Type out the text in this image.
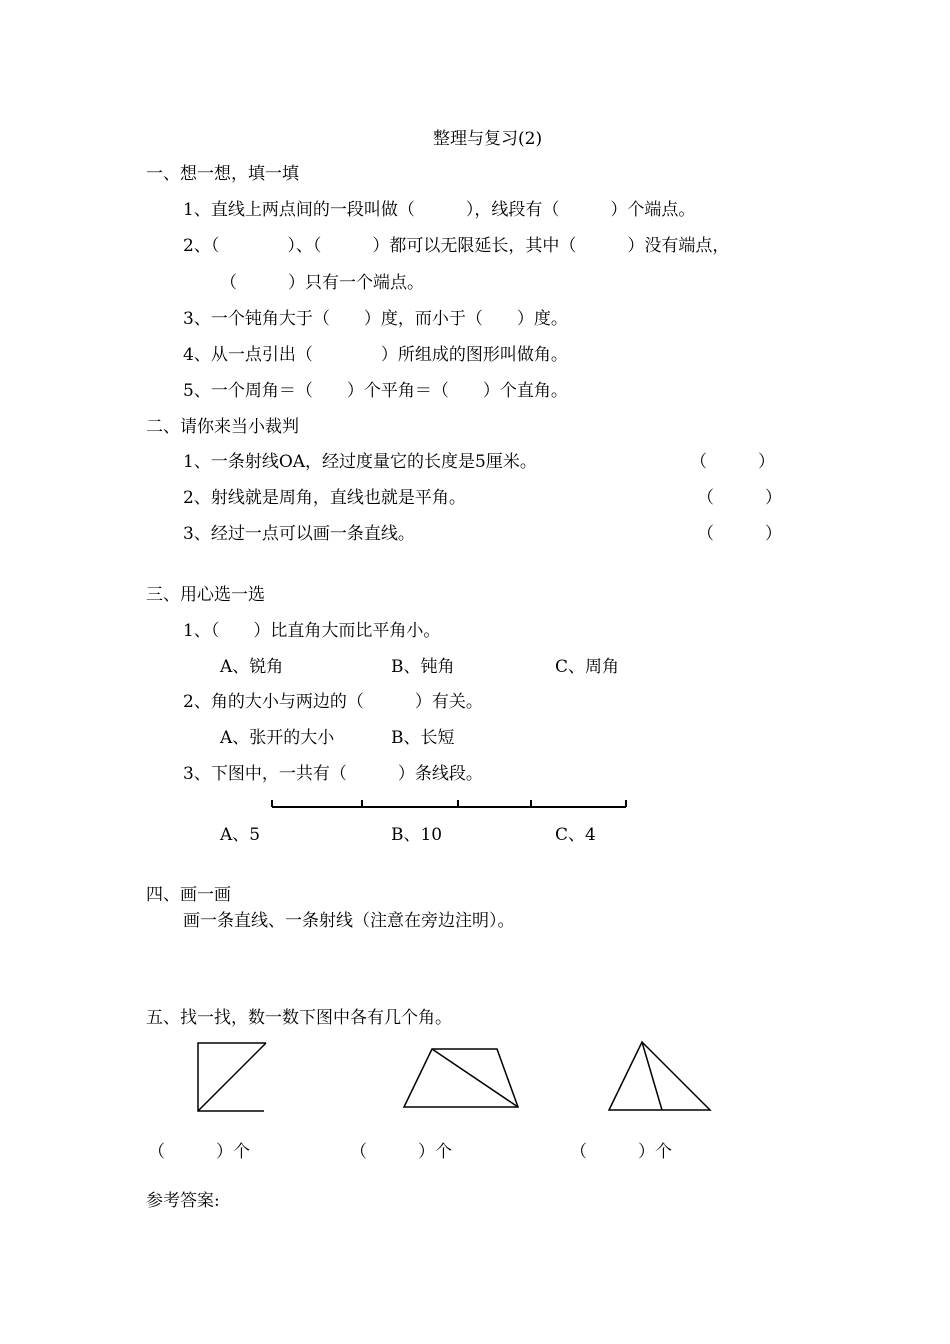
整理与复习(2)
一、想一想，填一填
1、直线上两点间的一段叫做（　　　），线段有（　　　）个端点。
2、（　　　　）、（　　　）都可以无限延长，其中（　　　）没有端点，
（　　　）只有一个端点。
3、一个钝角大于（　　）度，而小于（　　）度。
4、从一点引出（　　　　）所组成的图形叫做角。
5、一个周角＝（　　）个平角＝（　　）个直角。
二、请你来当小裁判
1、一条射线OA，经过度量它的长度是5厘米。	（　　　）
2、射线就是周角，直线也就是平角。	（　　　）
3、经过一点可以画一条直线。	（　　　）
三、用心选一选
1、（　　）比直角大而比平角小。
A、锐角	B、钝角	C、周角
2、角的大小与两边的（　　　）有关。
A、张开的大小	B、长短
3、下图中，一共有（　　　）条线段。
A、5	B、10	C、4
四、画一画
画一条直线、一条射线（注意在旁边注明）。
五、找一找，数一数下图中各有几个角。
（　　　）个	（　　　）个	（　　　）个
参考答案:
